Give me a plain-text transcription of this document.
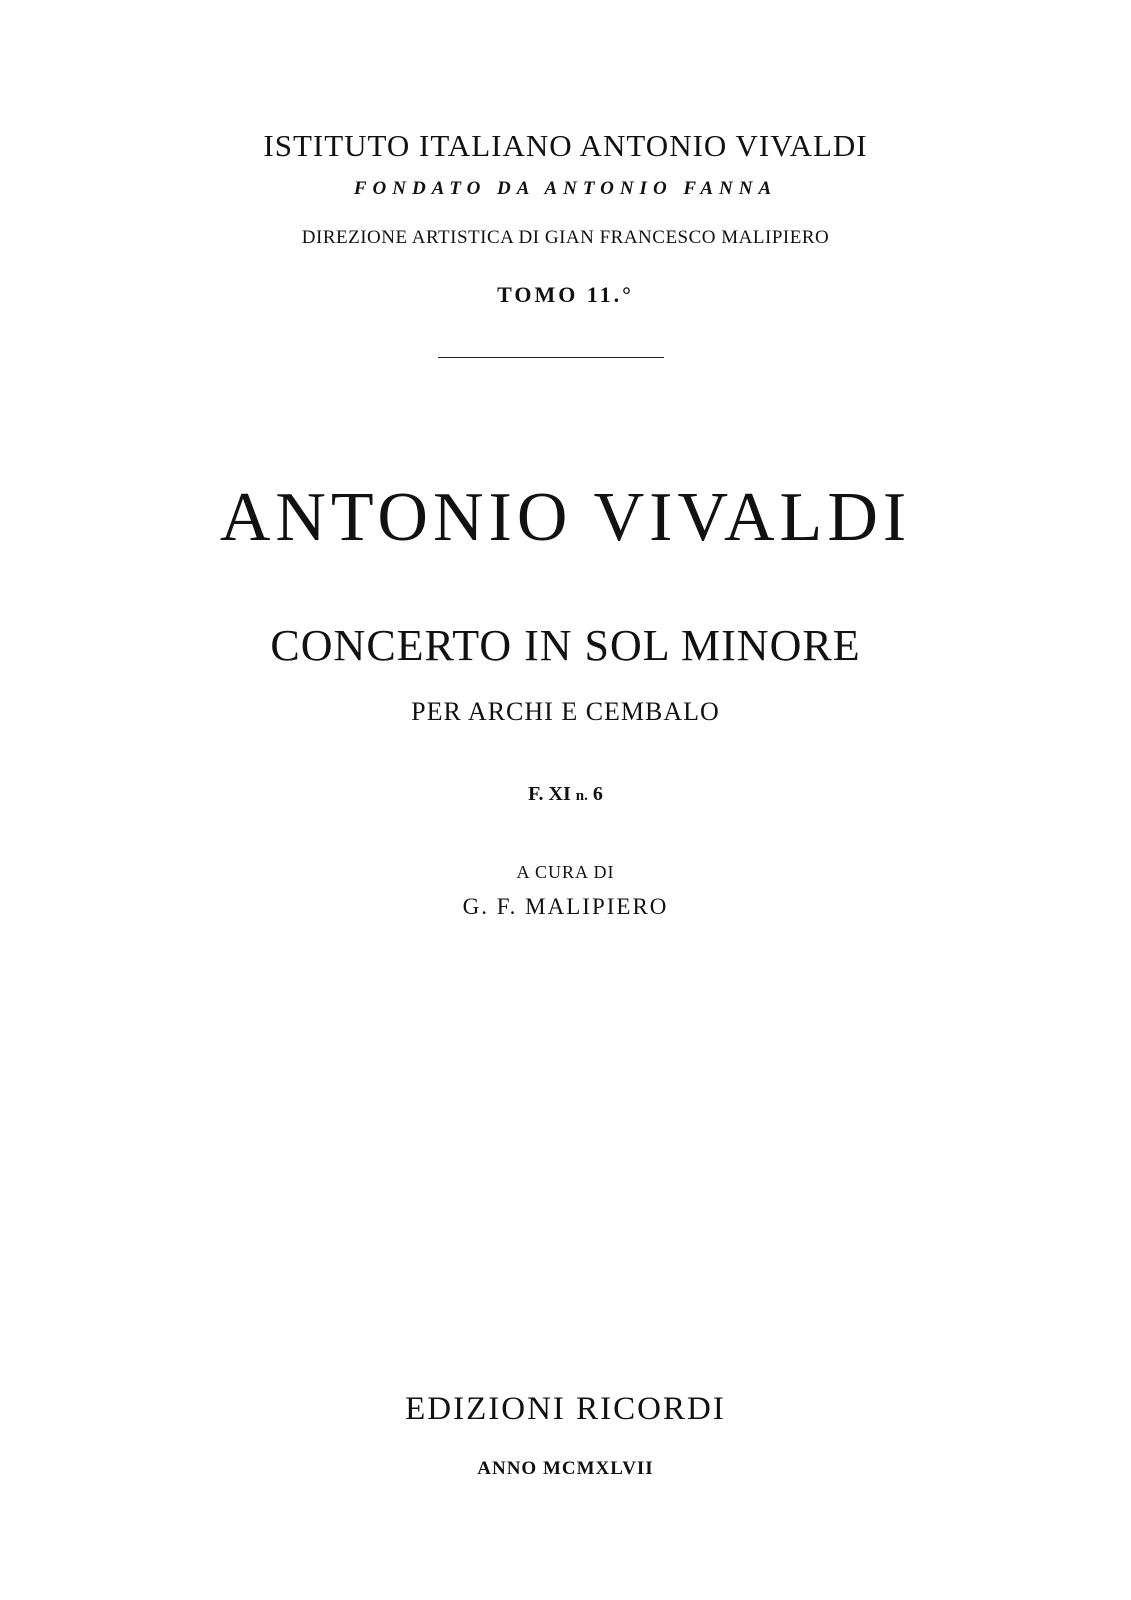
ISTITUTO ITALIANO ANTONIO VIVALDI
FONDATO DA ANTONIO FANNA
DIREZIONE ARTISTICA DI GIAN FRANCESCO MALIPIERO
TOMO 11.°
ANTONIO VIVALDI
CONCERTO IN SOL MINORE
PER ARCHI E CEMBALO
F. XI n. 6
A CURA DI
G. F. MALIPIERO
EDIZIONI RICORDI
ANNO MCMXLVII
